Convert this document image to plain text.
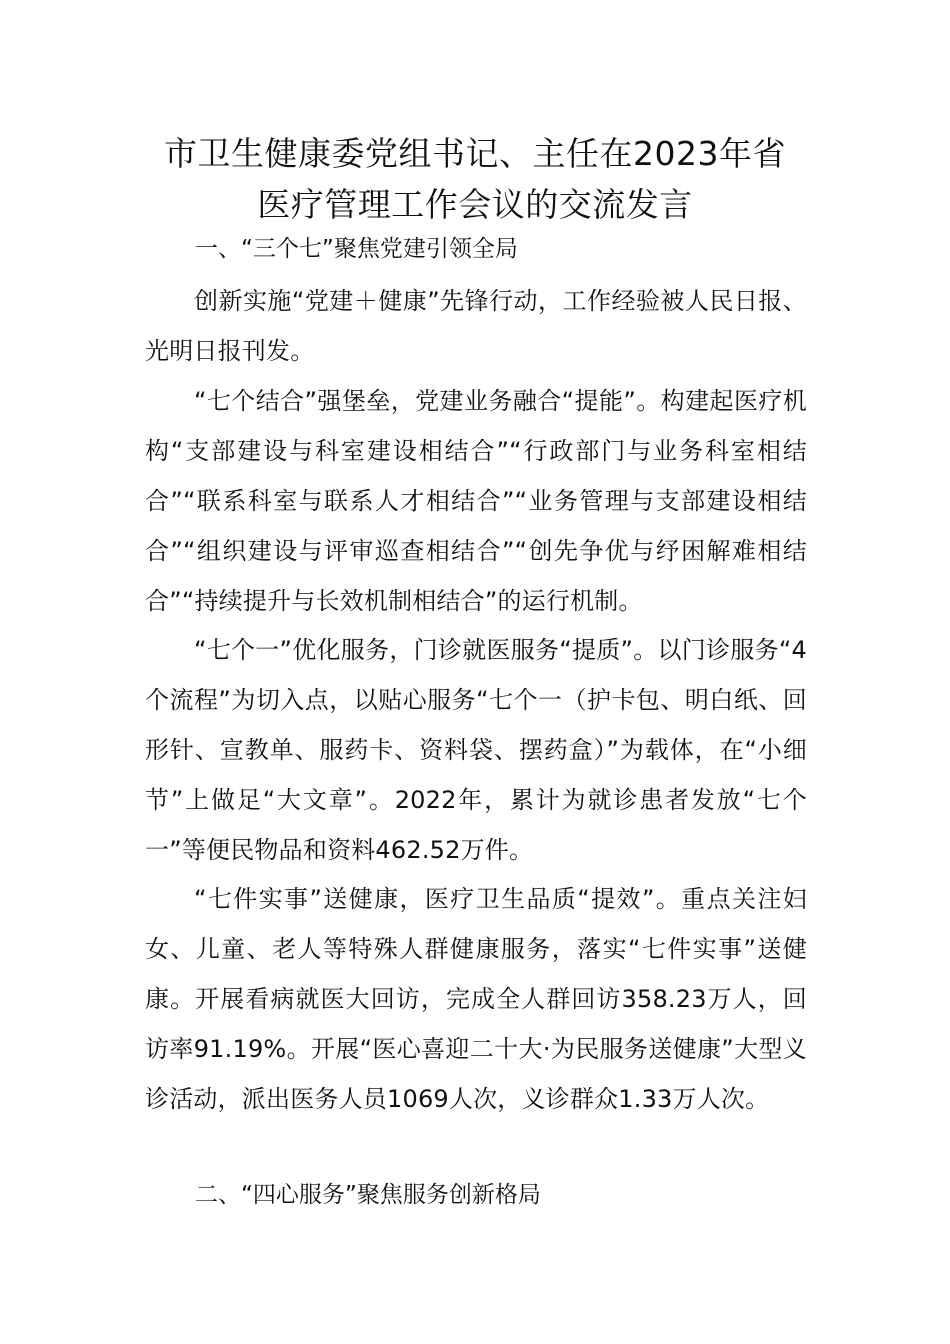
市卫生健康委党组书记、主任在2023年省
医疗管理工作会议的交流发言
一、“三个七”聚焦党建引领全局

创新实施“党建＋健康”先锋行动，工作经验被人民日报、光明日报刊发。

“七个结合”强堡垒，党建业务融合“提能”。构建起医疗机构“支部建设与科室建设相结合”“行政部门与业务科室相结合”“联系科室与联系人才相结合”“业务管理与支部建设相结合”“组织建设与评审巡查相结合”“创先争优与纾困解难相结合”“持续提升与长效机制相结合”的运行机制。

“七个一”优化服务，门诊就医服务“提质”。以门诊服务“4个流程”为切入点，以贴心服务“七个一（护卡包、明白纸、回形针、宣教单、服药卡、资料袋、摆药盒）”为载体，在“小细节”上做足“大文章”。2022年，累计为就诊患者发放“七个一”等便民物品和资料462.52万件。

“七件实事”送健康，医疗卫生品质“提效”。重点关注妇女、儿童、老人等特殊人群健康服务，落实“七件实事”送健康。开展看病就医大回访，完成全人群回访358.23万人，回访率91.19%。开展“医心喜迎二十大·为民服务送健康”大型义诊活动，派出医务人员1069人次，义诊群众1.33万人次。

二、“四心服务”聚焦服务创新格局
